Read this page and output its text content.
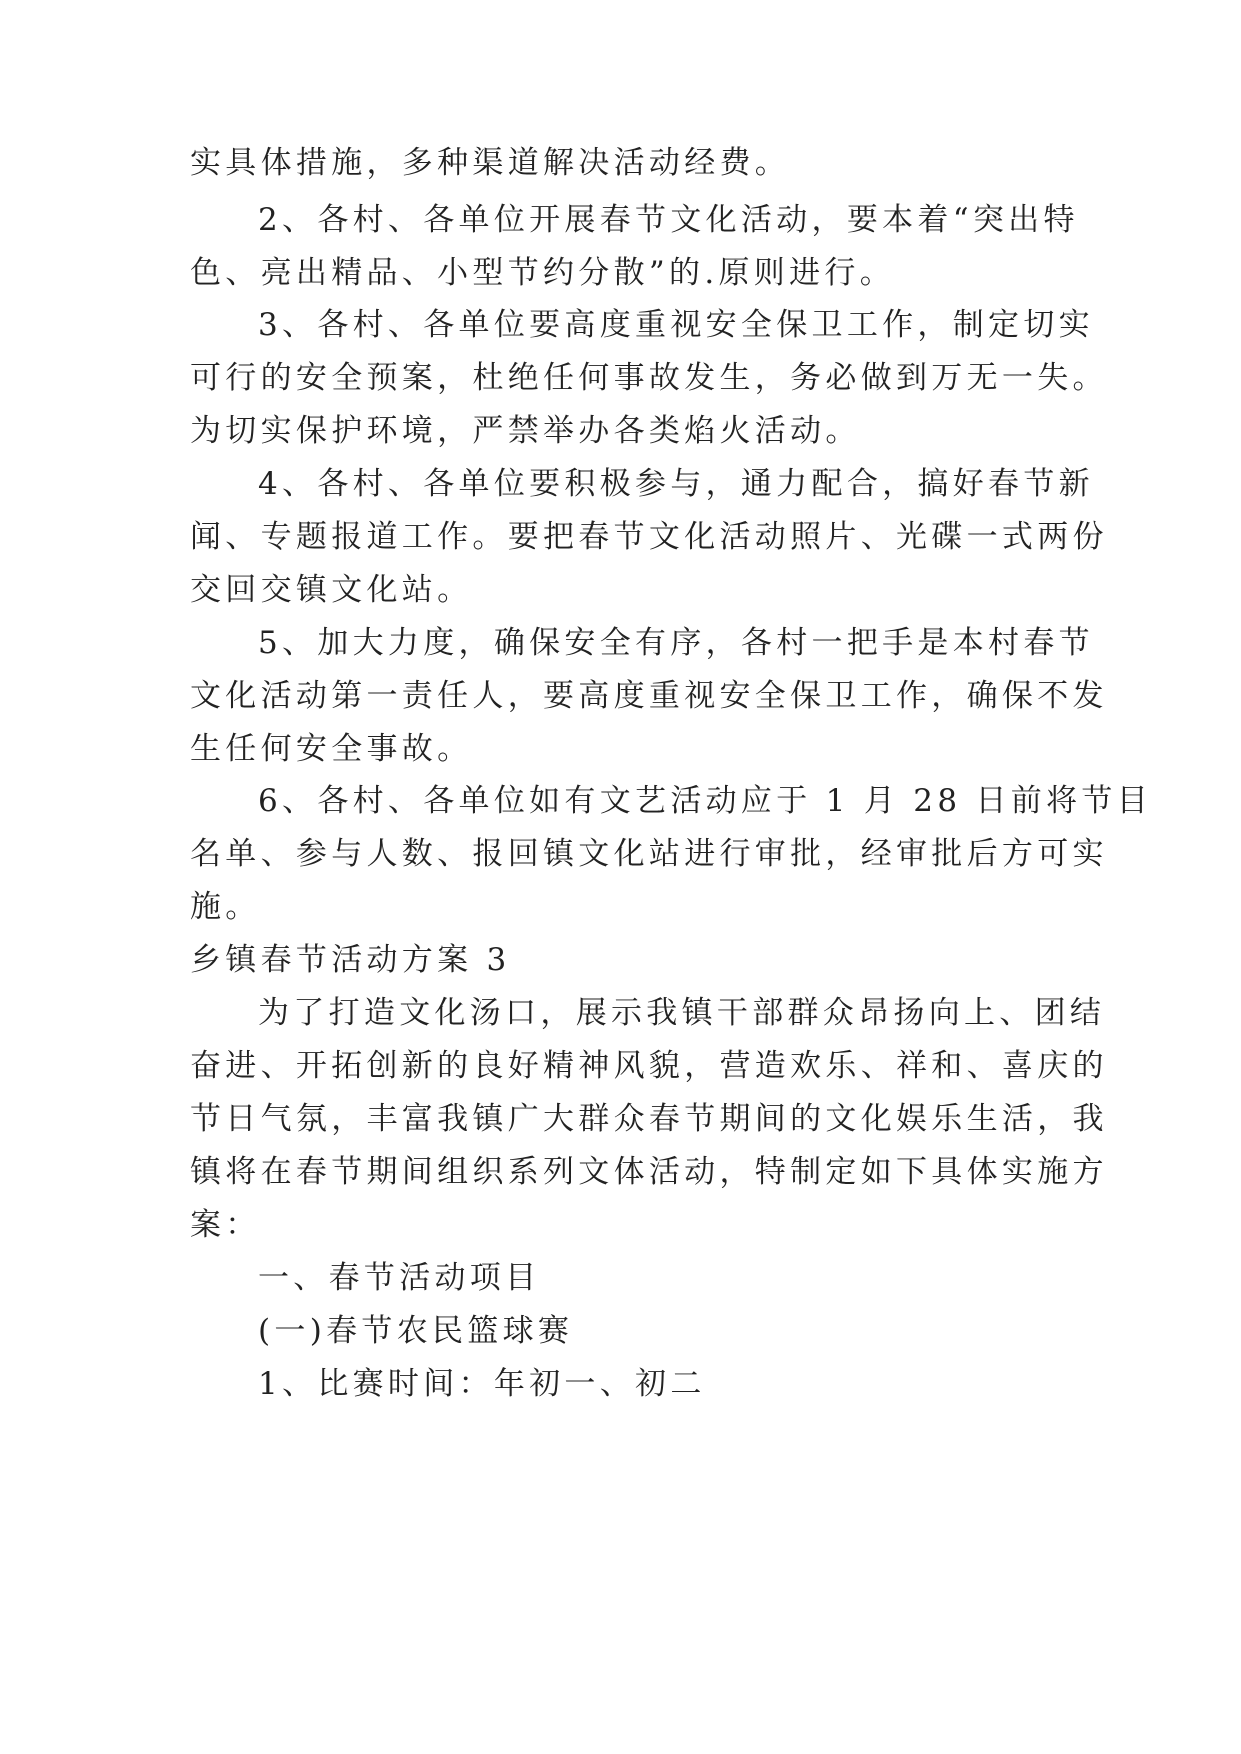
实具体措施，多种渠道解决活动经费。
2、各村、各单位开展春节文化活动，要本着“突出特
色、亮出精品、小型节约分散”的.原则进行。
3、各村、各单位要高度重视安全保卫工作，制定切实
可行的安全预案，杜绝任何事故发生，务必做到万无一失。
为切实保护环境，严禁举办各类焰火活动。
4、各村、各单位要积极参与，通力配合，搞好春节新
闻、专题报道工作。要把春节文化活动照片、光碟一式两份
交回交镇文化站。
5、加大力度，确保安全有序，各村一把手是本村春节
文化活动第一责任人，要高度重视安全保卫工作，确保不发
生任何安全事故。
6、各村、各单位如有文艺活动应于 1 月 28 日前将节目
名单、参与人数、报回镇文化站进行审批，经审批后方可实
施。
乡镇春节活动方案 3
为了打造文化汤口，展示我镇干部群众昂扬向上、团结
奋进、开拓创新的良好精神风貌，营造欢乐、祥和、喜庆的
节日气氛，丰富我镇广大群众春节期间的文化娱乐生活，我
镇将在春节期间组织系列文体活动，特制定如下具体实施方
案：
一、春节活动项目
(一)春节农民篮球赛
1、比赛时间：年初一、初二
